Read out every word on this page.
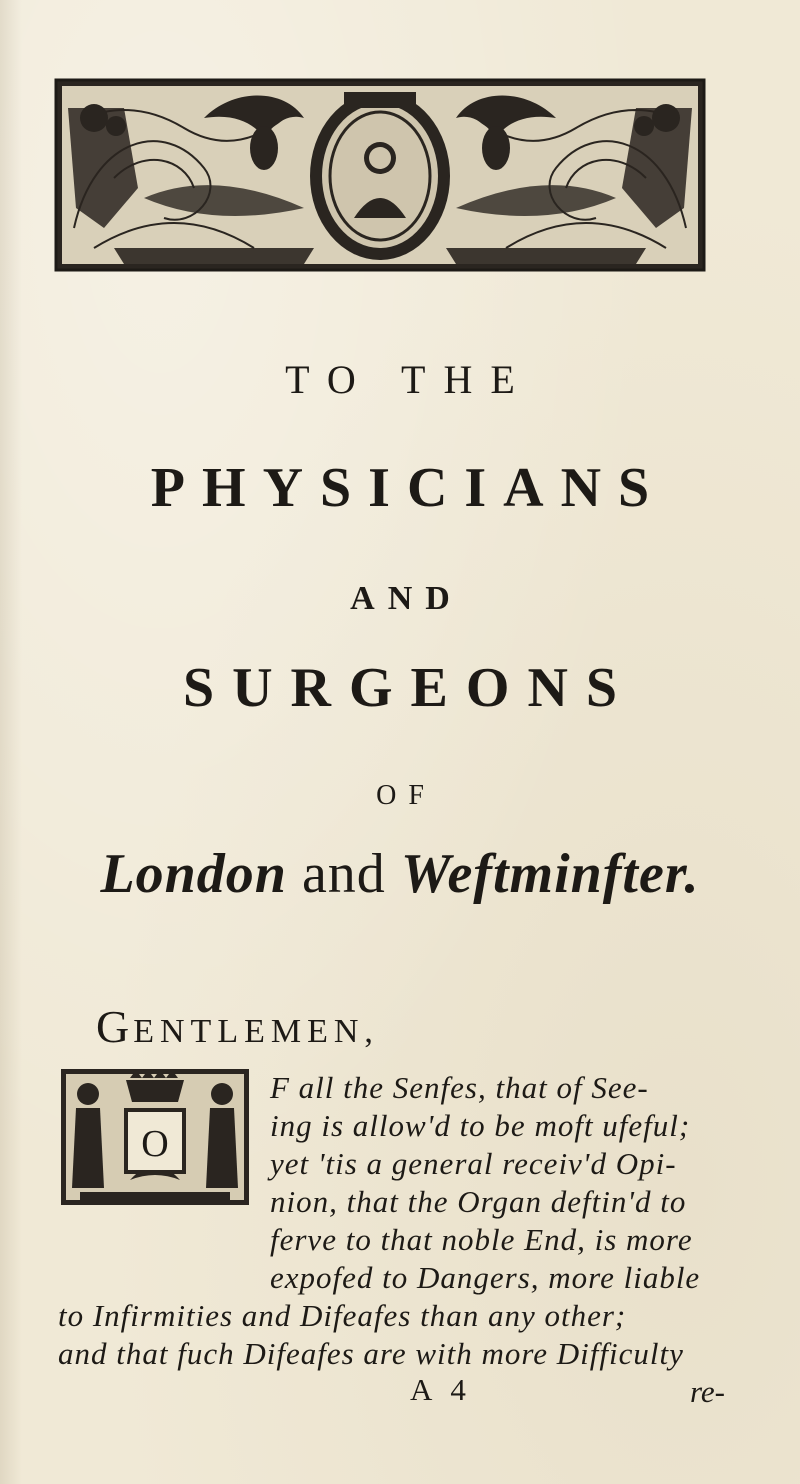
TO THE
PHYSICIANS
AND
SURGEONS
OF
London and Weftminfter.
GENTLEMEN,
O
F all the Senfes, that of See-
ing is allow'd to be moft ufeful;
yet 'tis a general receiv'd Opi-
nion, that the Organ deftin'd to
ferve to that noble End, is more
expofed to Dangers, more liable
to Infirmities and Difeafes than any other;
and that fuch Difeafes are with more Difficulty
A 4	re-
